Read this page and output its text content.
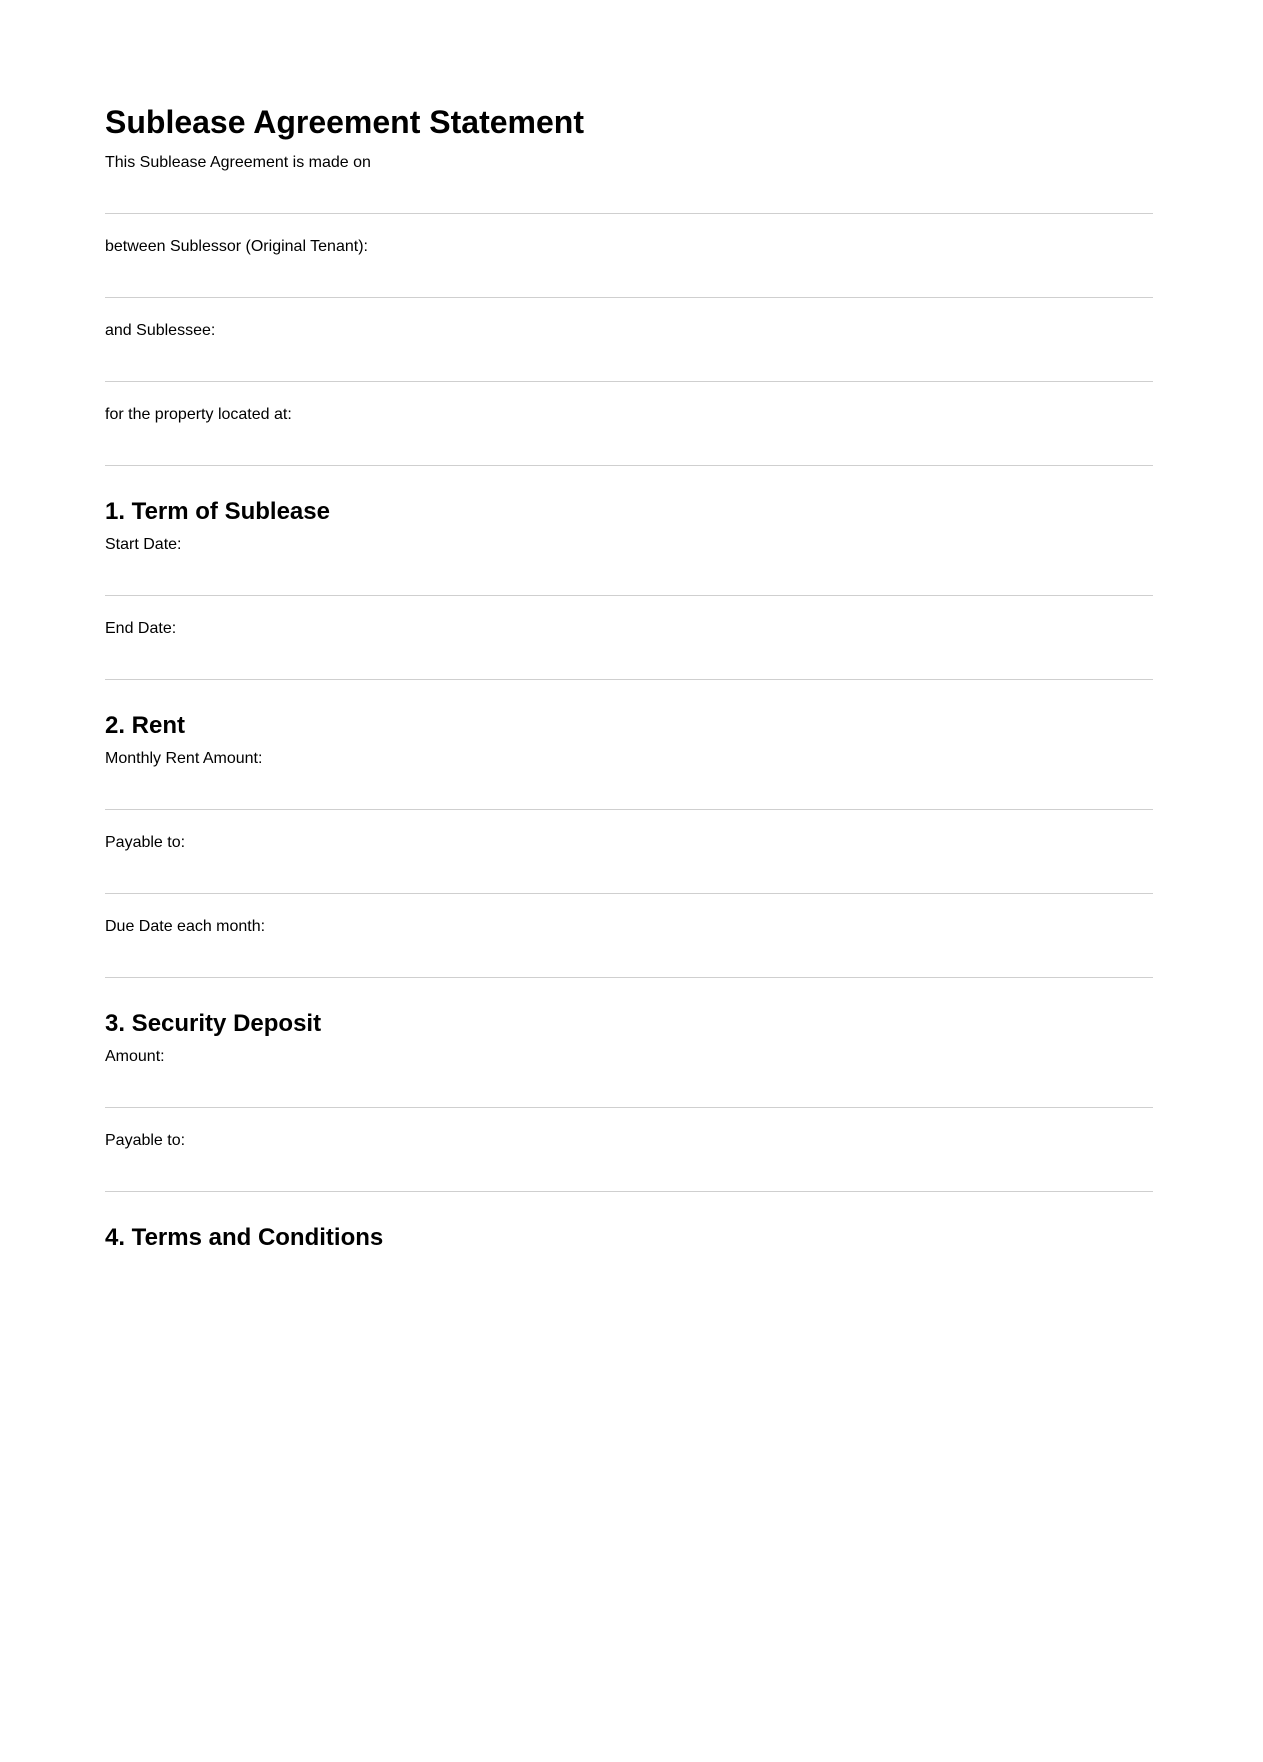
Sublease Agreement Statement
This Sublease Agreement is made on
between Sublessor (Original Tenant):
and Sublessee:
for the property located at:
1. Term of Sublease
Start Date:
End Date:
2. Rent
Monthly Rent Amount:
Payable to:
Due Date each month:
3. Security Deposit
Amount:
Payable to:
4. Terms and Conditions
